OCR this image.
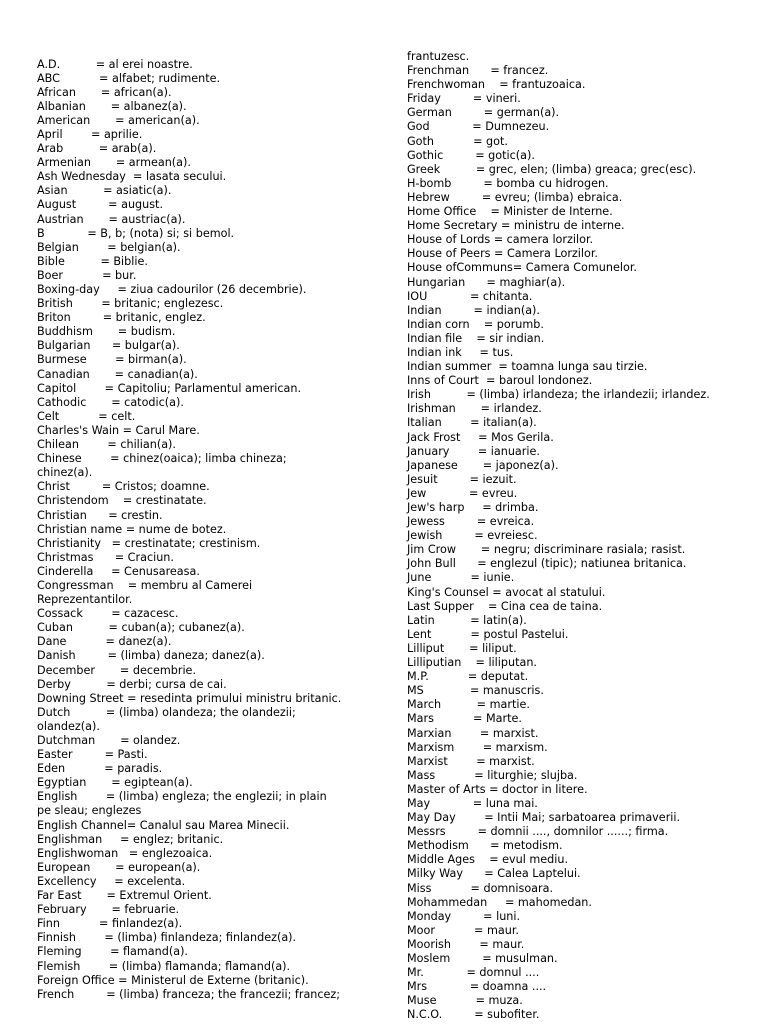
A.D.          = al erei noastre.
ABC           = alfabet; rudimente.
African       = african(a).
Albanian       = albanez(a).
American       = american(a).
April        = aprilie.
Arab          = arab(a).
Armenian       = armean(a).
Ash Wednesday  = lasata secului.
Asian          = asiatic(a).
August         = august.
Austrian       = austriac(a).
B            = B, b; (nota) si; si bemol.
Belgian        = belgian(a).
Bible          = Biblie.
Boer           = bur.
Boxing-day     = ziua cadourilor (26 decembrie).
British        = britanic; englezesc.
Briton         = britanic, englez.
Buddhism       = budism.
Bulgarian      = bulgar(a).
Burmese        = birman(a).
Canadian       = canadian(a).
Capitol        = Capitoliu; Parlamentul american.
Cathodic       = catodic(a).
Celt           = celt.
Charles's Wain = Carul Mare.
Chilean        = chilian(a).
Chinese        = chinez(oaica); limba chineza;
chinez(a).
Christ         = Cristos; doamne.
Christendom    = crestinatate.
Christian      = crestin.
Christian name = nume de botez.
Christianity   = crestinatate; crestinism.
Christmas      = Craciun.
Cinderella     = Cenusareasa.
Congressman    = membru al Camerei
Reprezentantilor.
Cossack        = cazacesc.
Cuban          = cuban(a); cubanez(a).
Dane           = danez(a).
Danish         = (limba) daneza; danez(a).
December       = decembrie.
Derby          = derbi; cursa de cai.
Downing Street = resedinta primului ministru britanic.
Dutch          = (limba) olandeza; the olandezii;
olandez(a).
Dutchman       = olandez.
Easter         = Pasti.
Eden           = paradis.
Egyptian       = egiptean(a).
English        = (limba) engleza; the englezii; in plain
pe sleau; englezes
English Channel= Canalul sau Marea Minecii.
Englishman     = englez; britanic.
Englishwoman   = englezoaica.
European       = european(a).
Excellency     = excelenta.
Far East       = Extremul Orient.
February       = februarie.
Finn           = finlandez(a).
Finnish        = (limba) finlandeza; finlandez(a).
Fleming        = flamand(a).
Flemish        = (limba) flamanda; flamand(a).
Foreign Office = Ministerul de Externe (britanic).
French         = (limba) franceza; the francezii; francez;
frantuzesc.
Frenchman      = francez.
Frenchwoman    = frantuzoaica.
Friday         = vineri.
German         = german(a).
God            = Dumnezeu.
Goth           = got.
Gothic         = gotic(a).
Greek          = grec, elen; (limba) greaca; grec(esc).
H-bomb         = bomba cu hidrogen.
Hebrew         = evreu; (limba) ebraica.
Home Office    = Minister de Interne.
Home Secretary = ministru de interne.
House of Lords = camera lorzilor.
House of Peers = Camera Lorzilor.
House ofCommuns= Camera Comunelor.
Hungarian      = maghiar(a).
IOU            = chitanta.
Indian         = indian(a).
Indian corn    = porumb.
Indian file    = sir indian.
Indian ink     = tus.
Indian summer  = toamna lunga sau tirzie.
Inns of Court  = baroul londonez.
Irish          = (limba) irlandeza; the irlandezii; irlandez.
Irishman       = irlandez.
Italian        = italian(a).
Jack Frost     = Mos Gerila.
January        = ianuarie.
Japanese       = japonez(a).
Jesuit         = iezuit.
Jew            = evreu.
Jew's harp     = drimba.
Jewess         = evreica.
Jewish         = evreiesc.
Jim Crow       = negru; discriminare rasiala; rasist.
John Bull      = englezul (tipic); natiunea britanica.
June           = iunie.
King's Counsel = avocat al statului.
Last Supper    = Cina cea de taina.
Latin          = latin(a).
Lent           = postul Pastelui.
Lilliput       = liliput.
Lilliputian    = liliputan.
M.P.           = deputat.
MS             = manuscris.
March          = martie.
Mars           = Marte.
Marxian        = marxist.
Marxism        = marxism.
Marxist        = marxist.
Mass           = liturghie; slujba.
Master of Arts = doctor in litere.
May            = luna mai.
May Day        = Intii Mai; sarbatoarea primaverii.
Messrs         = domnii ...., domnilor ......; firma.
Methodism      = metodism.
Middle Ages    = evul mediu.
Milky Way      = Calea Laptelui.
Miss           = domnisoara.
Mohammedan     = mahomedan.
Monday         = luni.
Moor           = maur.
Moorish        = maur.
Moslem         = musulman.
Mr.            = domnul ....
Mrs            = doamna ....
Muse           = muza.
N.C.O.         = subofiter.
